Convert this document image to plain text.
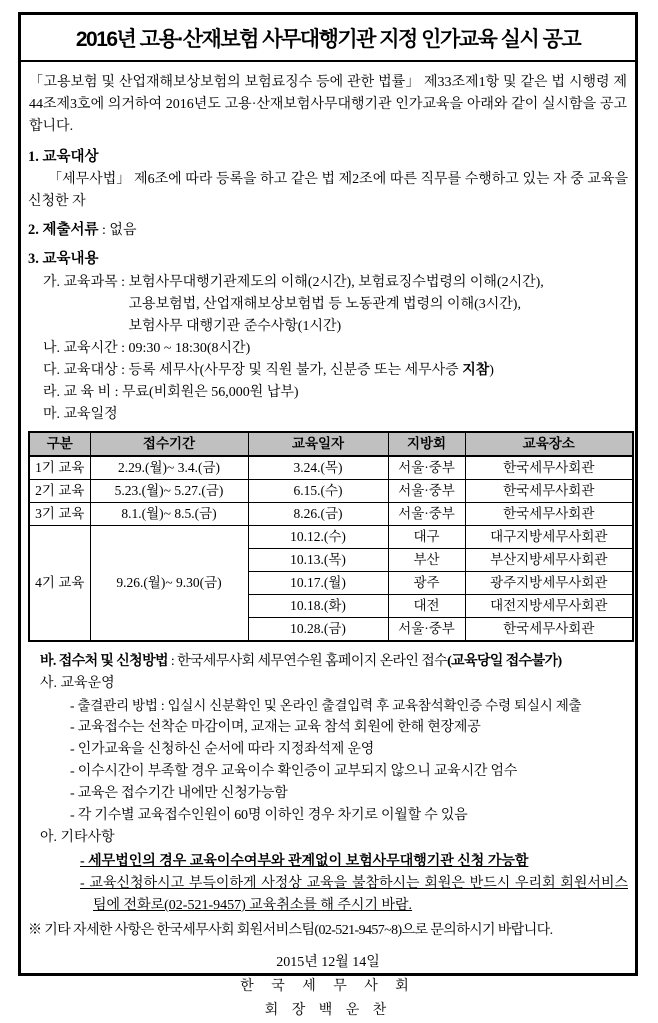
2016년 고용·산재보험 사무대행기관 지정 인가교육 실시 공고

「고용보험 및 산업재해보상보험의 보험료징수 등에 관한 법률」 제33조제1항 및 같은 법 시행령 제44조제3호에 의거하여 2016년도 고용·산재보험사무대행기관 인가교육을 아래와 같이 실시함을 공고합니다.

1. 교육대상
「세무사법」 제6조에 따라 등록을 하고 같은 법 제2조에 따른 직무를 수행하고 있는 자 중 교육을 신청한 자
2. 제출서류 : 없음
3. 교육내용
가. 교육과목 : 보험사무대행기관제도의 이해(2시간), 보험료징수법령의 이해(2시간),
고용보험법, 산업재해보상보험법 등 노동관계 법령의 이해(3시간),
보험사무 대행기관 준수사항(1시간)
나. 교육시간 : 09:30 ~ 18:30(8시간)
다. 교육대상 : 등록 세무사(사무장 및 직원 불가, 신분증 또는 세무사증 지참)
라. 교 육 비 : 무료(비회원은 56,000원 납부)
마. 교육일정
구분	접수기간	교육일자	지방회	교육장소
1기 교육	2.29.(월)~ 3.4.(금)	3.24.(목)	서울·중부	한국세무사회관
2기 교육	5.23.(월)~ 5.27.(금)	6.15.(수)	서울·중부	한국세무사회관
3기 교육	8.1.(월)~ 8.5.(금)	8.26.(금)	서울·중부	한국세무사회관
4기 교육	9.26.(월)~ 9.30(금)	10.12.(수)	대구	대구지방세무사회관
		10.13.(목)	부산	부산지방세무사회관
		10.17.(월)	광주	광주지방세무사회관
		10.18.(화)	대전	대전지방세무사회관
		10.28.(금)	서울·중부	한국세무사회관
바. 접수처 및 신청방법 : 한국세무사회 세무연수원 홈페이지 온라인 접수(교육당일 접수불가)
사. 교육운영
- 출결관리 방법 : 입실시 신분확인 및 온라인 출결입력 후 교육참석확인증 수령 퇴실시 제출
- 교육접수는 선착순 마감이며, 교재는 교육 참석 회원에 한해 현장제공
- 인가교육을 신청하신 순서에 따라 지정좌석제 운영
- 이수시간이 부족할 경우 교육이수 확인증이 교부되지 않으니 교육시간 엄수
- 교육은 접수기간 내에만 신청가능함
- 각 기수별 교육접수인원이 60명 이하인 경우 차기로 이월할 수 있음
아. 기타사항
- 세무법인의 경우 교육이수여부와 관계없이 보험사무대행기관 신청 가능함
- 교육신청하시고 부득이하게 사정상 교육을 불참하시는 회원은 반드시 우리회 회원서비스팀에 전화로(02-521-9457) 교육취소를 해 주시기 바람.
※ 기타 자세한 사항은 한국세무사회 회원서비스팀(02-521-9457~8)으로 문의하시기 바랍니다.
2015년 12월 14일
한 국 세 무 사 회
회 장 백 운 찬
